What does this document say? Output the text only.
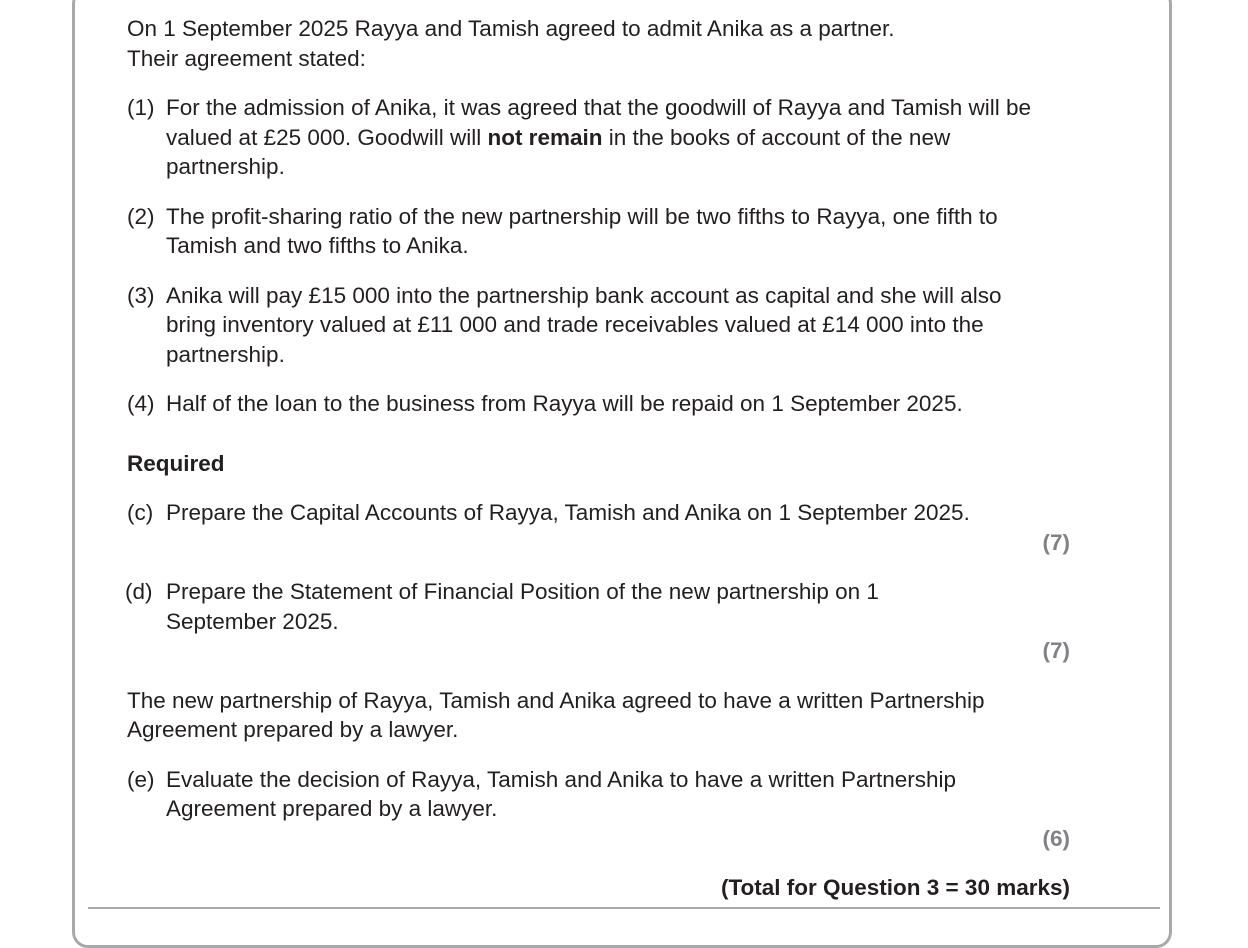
On 1 September 2025 Rayya and Tamish agreed to admit Anika as a partner.

Their agreement stated:

(1) For the admission of Anika, it was agreed that the goodwill of Rayya and Tamish will be valued at £25 000. Goodwill will not remain in the books of account of the new partnership.
(2) The profit-sharing ratio of the new partnership will be two fifths to Rayya, one fifth to Tamish and two fifths to Anika.
(3) Anika will pay £15 000 into the partnership bank account as capital and she will also bring inventory valued at £11 000 and trade receivables valued at £14 000 into the partnership.
(4) Half of the loan to the business from Rayya will be repaid on 1 September 2025.
Required
(c) Prepare the Capital Accounts of Rayya, Tamish and Anika on 1 September 2025.
(7)
(d) Prepare the Statement of Financial Position of the new partnership on 1 September 2025.
(7)

The new partnership of Rayya, Tamish and Anika agreed to have a written Partnership Agreement prepared by a lawyer.

(e) Evaluate the decision of Rayya, Tamish and Anika to have a written Partnership Agreement prepared by a lawyer.
(6)
(Total for Question 3 = 30 marks)
